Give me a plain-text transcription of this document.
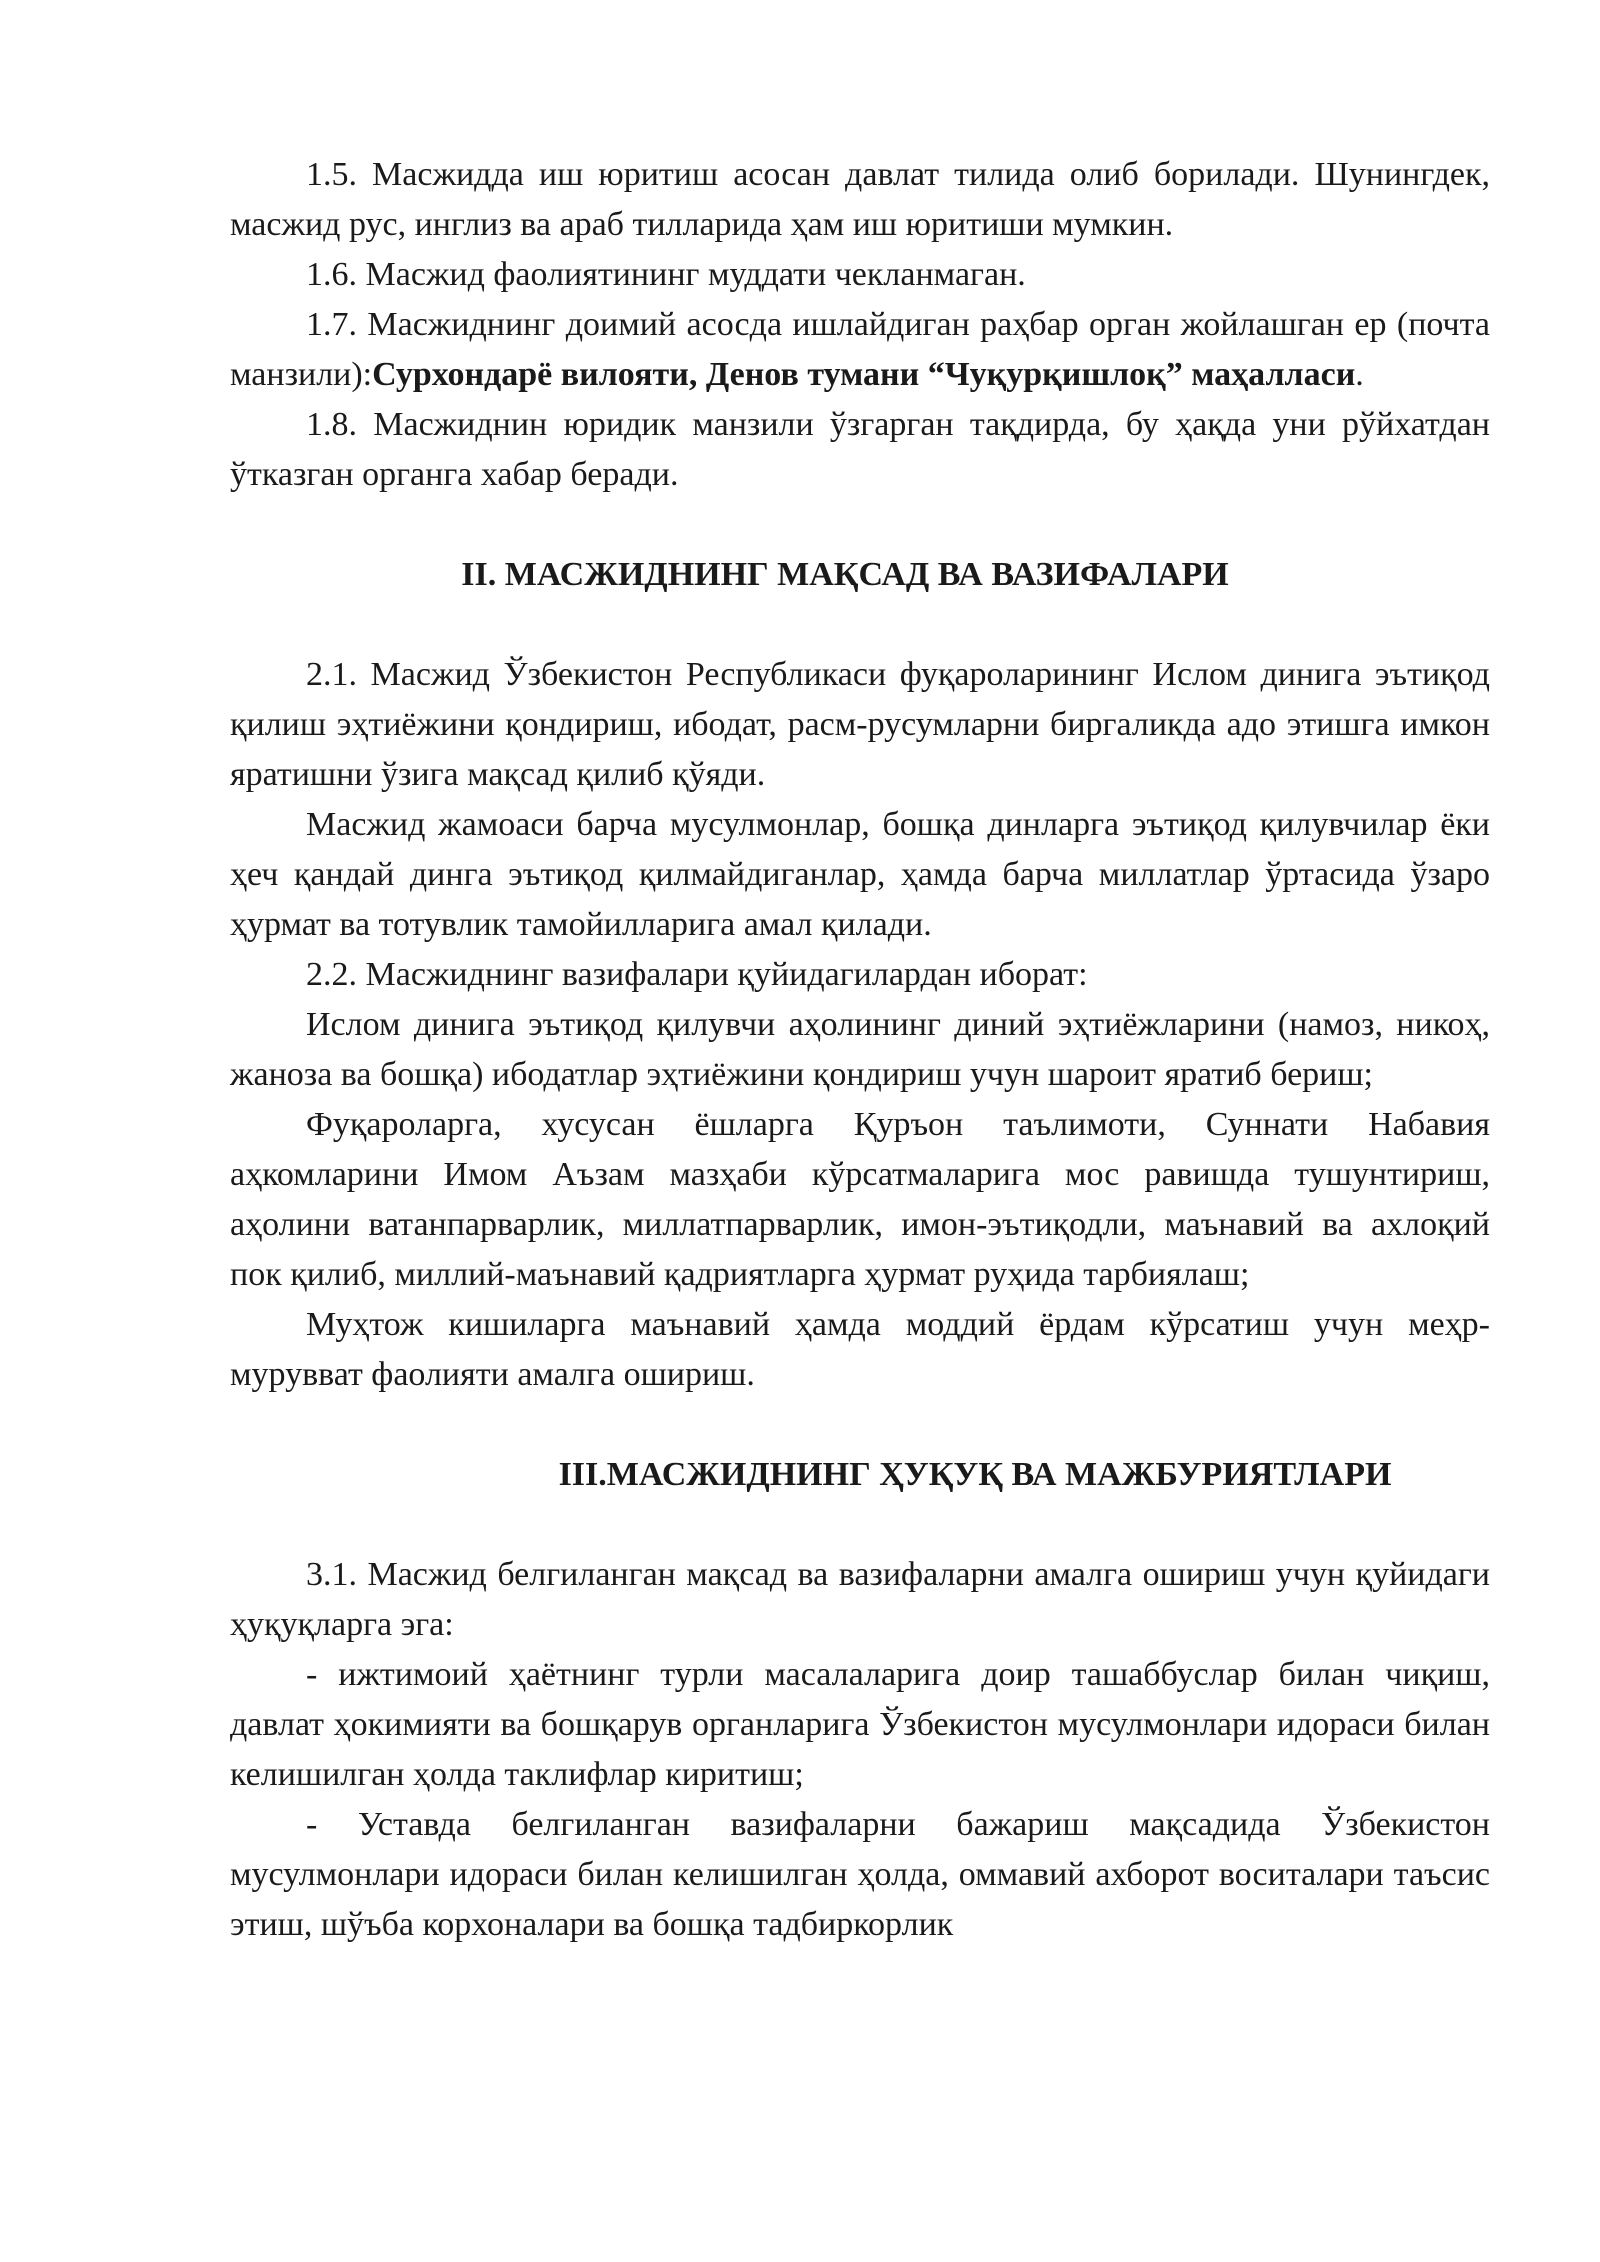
1.5. Масжидда иш юритиш асосан давлат тилида олиб борилади. Шунингдек, масжид рус, инглиз ва араб тилларида ҳам иш юритиши мумкин.

1.6. Масжид фаолиятининг муддати чекланмаган.

1.7. Масжиднинг доимий асосда ишлайдиган раҳбар орган жойлашган ер (почта манзили):Сурхондарё вилояти, Денов тумани “Чуқурқишлоқ” маҳалласи.

1.8. Масжиднин юридик манзили ўзгарган тақдирда, бу ҳақда уни рўйхатдан ўтказган органга хабар беради.

II. МАСЖИДНИНГ МАҚСАД ВА ВАЗИФАЛАРИ

2.1. Масжид Ўзбекистон Республикаси фуқароларининг Ислом динига эътиқод қилиш эҳтиёжини қондириш, ибодат, расм-русумларни биргаликда адо этишга имкон яратишни ўзига мақсад қилиб қўяди.

Масжид жамоаси барча мусулмонлар, бошқа динларга эътиқод қилувчилар ёки ҳеч қандай динга эътиқод қилмайдиганлар, ҳамда барча миллатлар ўртасида ўзаро ҳурмат ва тотувлик тамойилларига амал қилади.

2.2. Масжиднинг вазифалари қуйидагилардан иборат:

Ислом динига эътиқод қилувчи аҳолининг диний эҳтиёжларини (намоз, никоҳ, жаноза ва бошқа) ибодатлар эҳтиёжини қондириш учун шароит яратиб бериш;

Фуқароларга, хусусан ёшларга Қуръон таълимоти, Суннати Набавия аҳкомларини Имом Аъзам мазҳаби кўрсатмаларига мос равишда тушунтириш, аҳолини ватанпарварлик, миллатпарварлик, имон-эътиқодли, маънавий ва ахлоқий пок қилиб, миллий-маънавий қадриятларга ҳурмат руҳида тарбиялаш;

Муҳтож кишиларга маънавий ҳамда моддий ёрдам кўрсатиш учун меҳр-мурувват фаолияти амалга ошириш.

III.МАСЖИДНИНГ ҲУҚУҚ ВА МАЖБУРИЯТЛАРИ

3.1. Масжид белгиланган мақсад ва вазифаларни амалга ошириш учун қуйидаги ҳуқуқларга эга:

- ижтимоий ҳаётнинг турли масалаларига доир ташаббуслар билан чиқиш, давлат ҳокимияти ва бошқарув органларига Ўзбекистон мусулмонлари идораси билан келишилган ҳолда таклифлар киритиш;

- Уставда белгиланган вазифаларни бажариш мақсадида Ўзбекистон мусулмонлари идораси билан келишилган ҳолда, оммавий ахборот воситалари таъсис этиш, шўъба корхоналари ва бошқа тадбиркорлик
